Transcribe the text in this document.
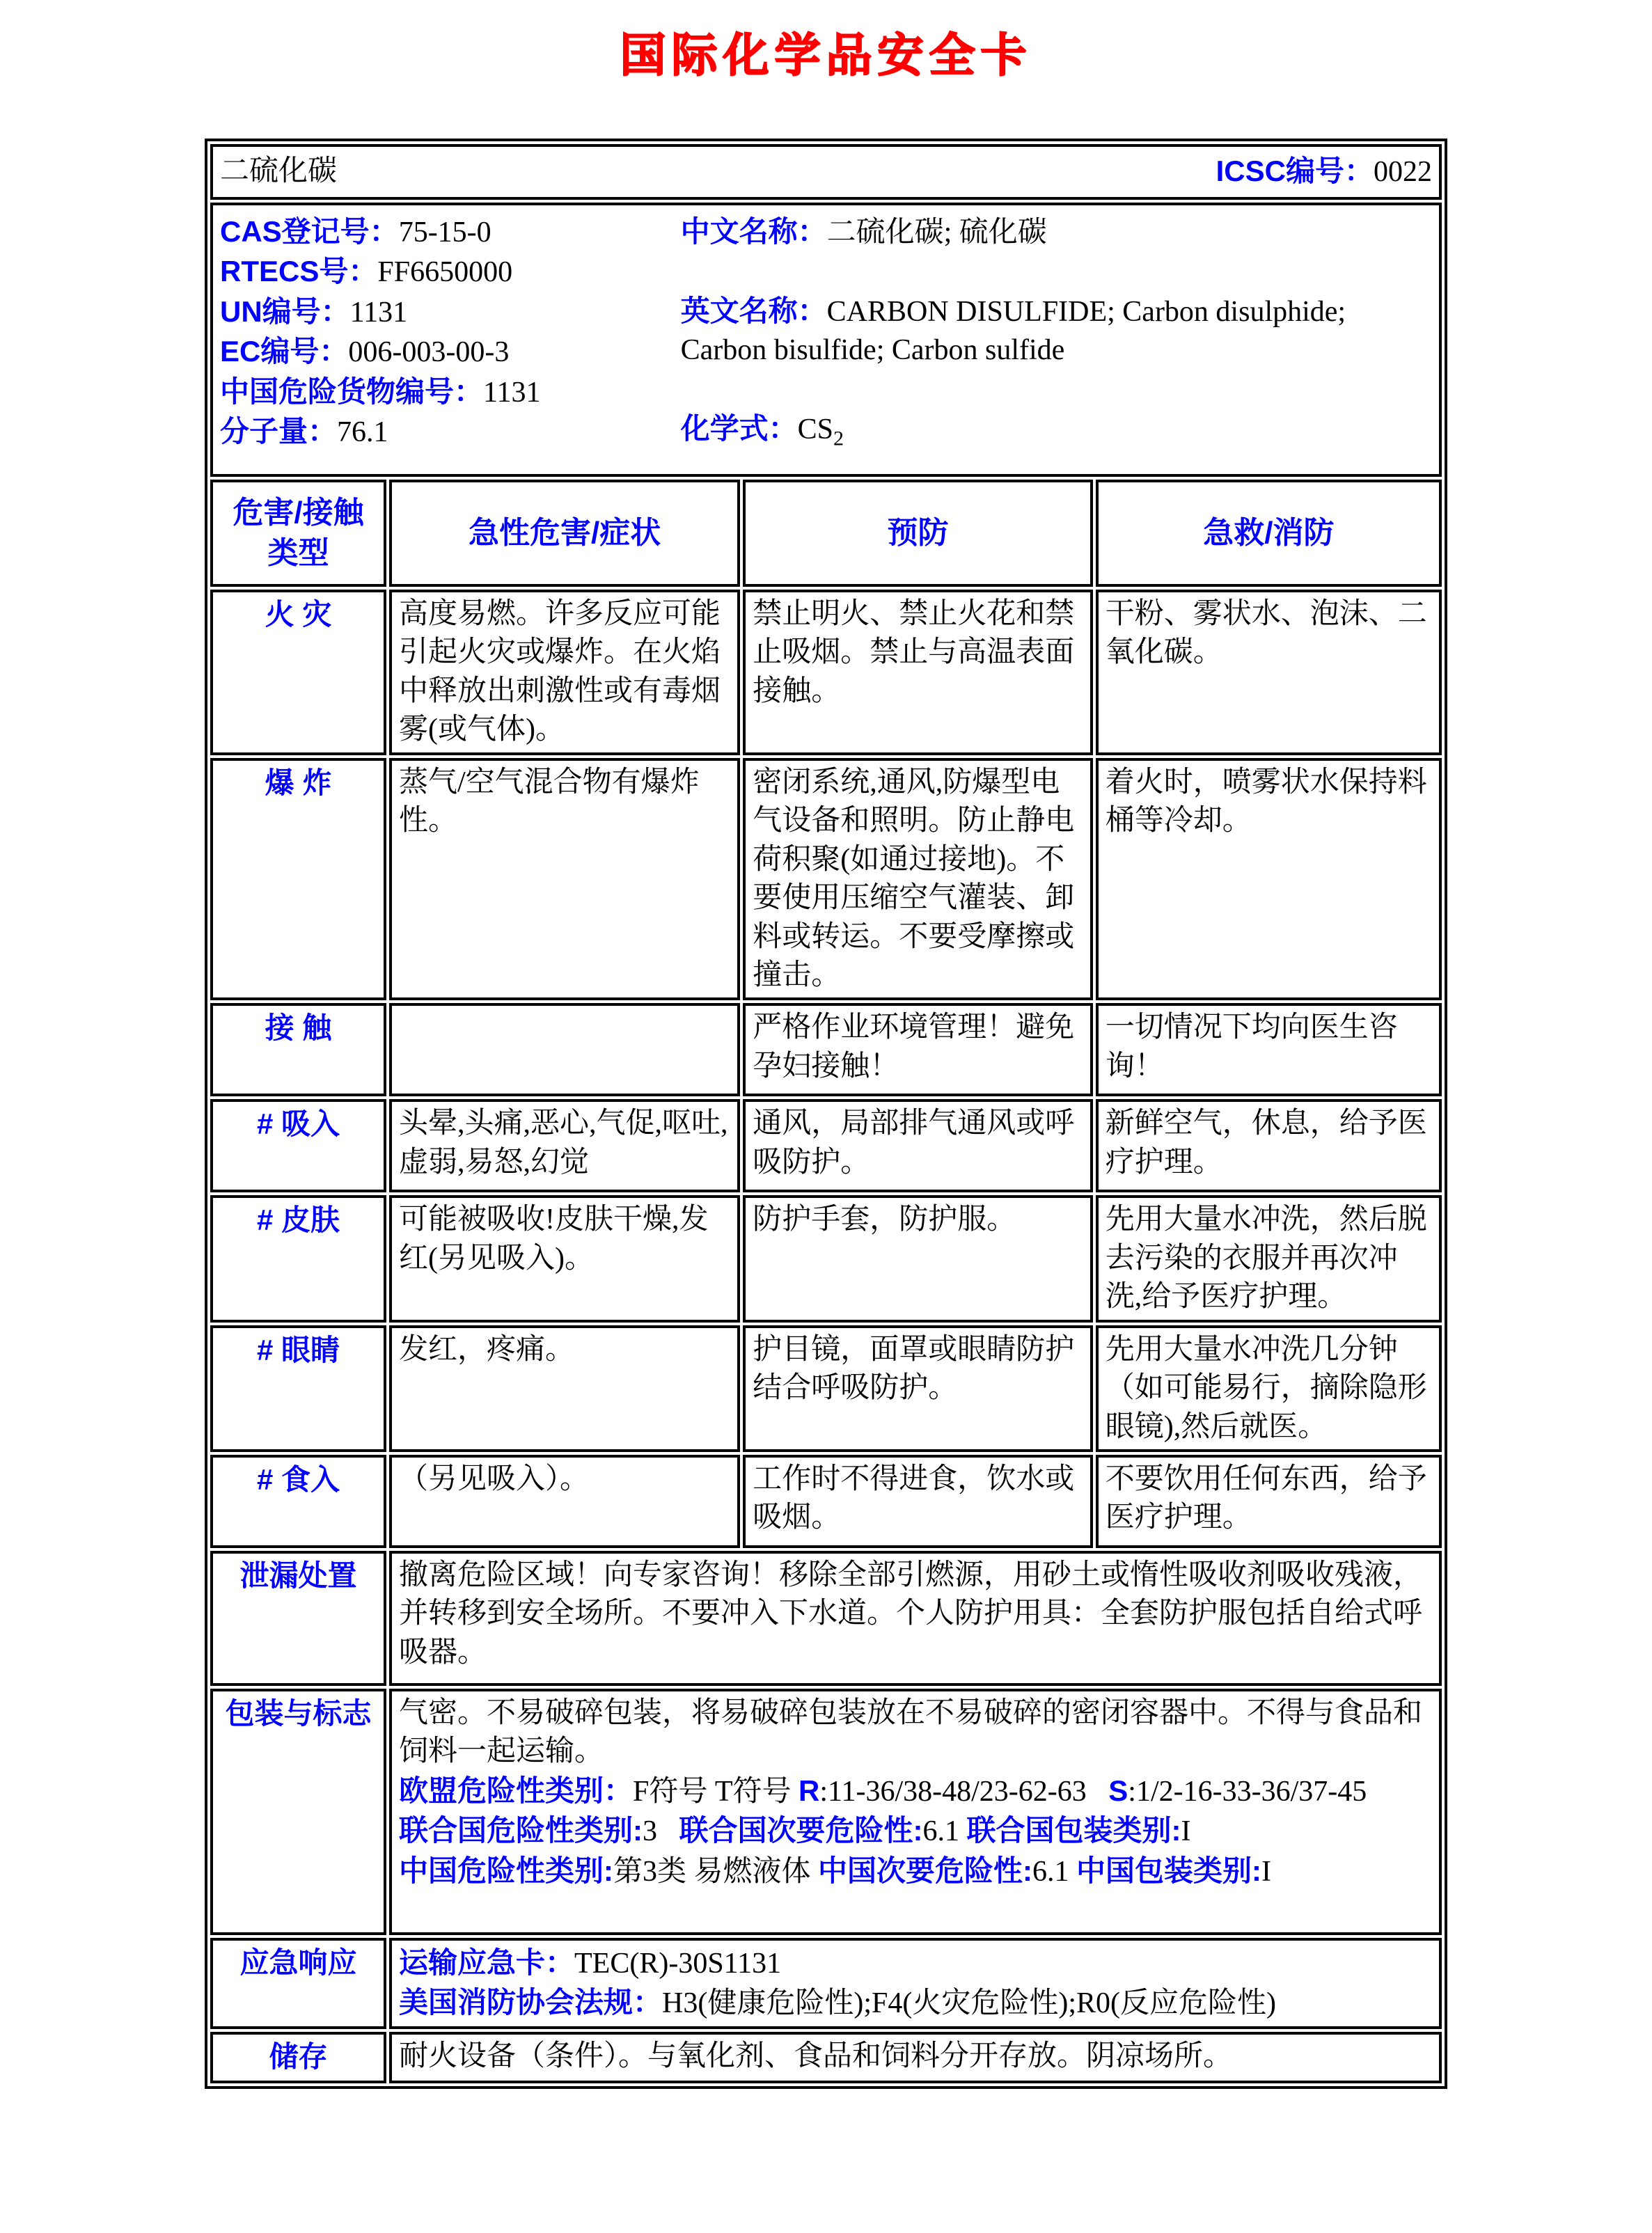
国际化学品安全卡
二硫化碳 ICSC编号：0022			

CAS登记号：75-15-0
RTECS号：FF6650000
UN编号：1131
EC编号：006-003-00-3
中国危险货物编号：1131
分子量：76.1
中文名称：二硫化碳; 硫化碳
英文名称：CARBON DISULFIDE; Carbon disulphide; Carbon bisulfide; Carbon sulfide
化学式：$CS_2$

危害/接触 类型	急性危害/症状	预防	急救/消防
火 灾	高度易燃。许多反应可能引起火灾或爆炸。在火焰中释放出刺激性或有毒烟雾(或气体)。	禁止明火、禁止火花和禁止吸烟。禁止与高温表面接触。	干粉、雾状水、泡沫、二氧化碳。
爆 炸	蒸气/空气混合物有爆炸性。	密闭系统,通风,防爆型电气设备和照明。防止静电荷积聚(如通过接地)。不要使用压缩空气灌装、卸料或转运。不要受摩擦或撞击。	着火时，喷雾状水保持料桶等冷却。
接 触		严格作业环境管理！避免孕妇接触！	一切情况下均向医生咨询！
# 吸入	头晕,头痛,恶心,气促,呕吐,虚弱,易怒,幻觉	通风，局部排气通风或呼吸防护。	新鲜空气，休息，给予医疗护理。
# 皮肤	可能被吸收!皮肤干燥,发红(另见吸入)。	防护手套，防护服。	先用大量水冲洗，然后脱去污染的衣服并再次冲洗,给予医疗护理。
# 眼睛	发红，疼痛。	护目镜，面罩或眼睛防护结合呼吸防护。	先用大量水冲洗几分钟（如可能易行，摘除隐形眼镜),然后就医。
# 食入	（另见吸入）。	工作时不得进食，饮水或吸烟。	不要饮用任何东西，给予医疗护理。
泄漏处置	撤离危险区域！向专家咨询！移除全部引燃源，用砂土或惰性吸收剂吸收残液，并转移到安全场所。不要冲入下水道。个人防护用具：全套防护服包括自给式呼吸器。		
包装与标志	气密。不易破碎包装，将易破碎包装放在不易破碎的密闭容器中。不得与食品和饲料一起运输。
欧盟危险性类别：F符号 T符号 R:11-36/38-48/23-62-63   S:1/2-16-33-36/37-45
联合国危险性类别:3   联合国次要危险性:6.1 联合国包装类别:I
中国危险性类别:第3类 易燃液体 中国次要危险性:6.1 中国包装类别:I		

应急响应	运输应急卡：TEC(R)-30S1131
美国消防协会法规：H3(健康危险性);F4(火灾危险性);R0(反应危险性)		

储存	耐火设备（条件）。与氧化剂、食品和饲料分开存放。阴凉场所。		
